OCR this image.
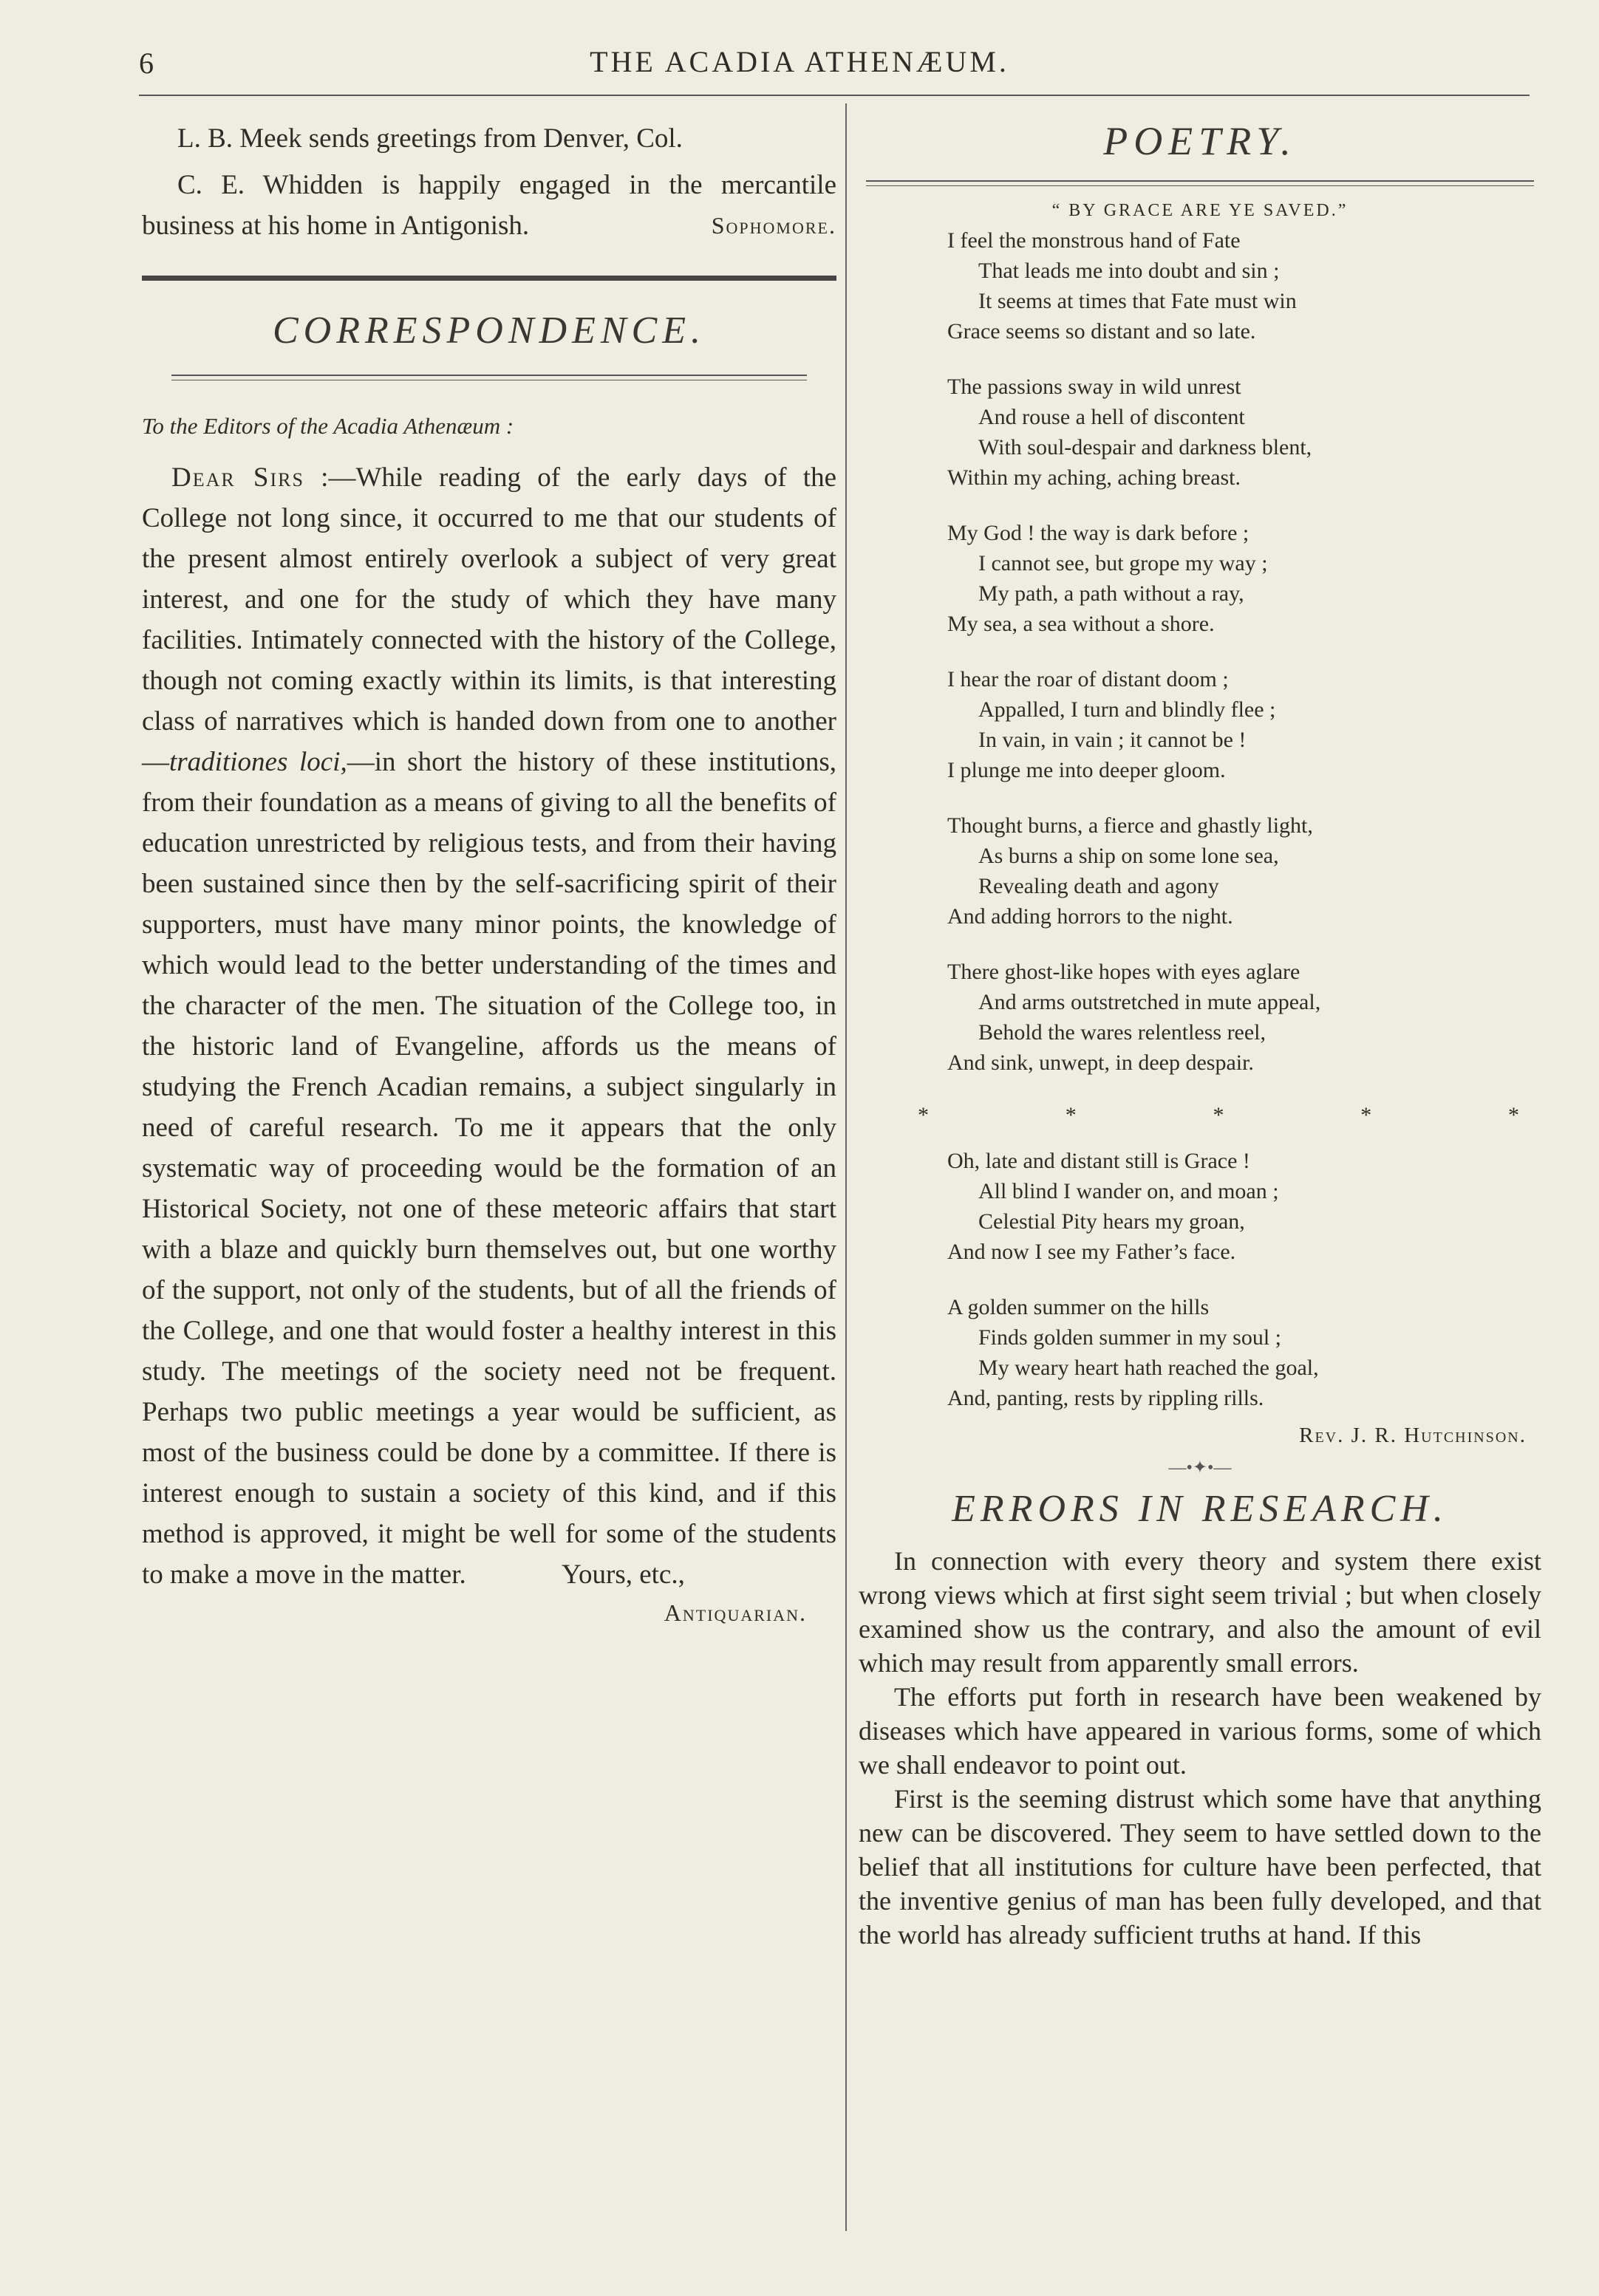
6	THE ACADIA ATHENÆUM.

L. B. Meek sends greetings from Denver, Col.

C. E. Whidden is happily engaged in the mercantile business at his home in Antigonish.	Sophomore.

CORRESPONDENCE.
To the Editors of the Acadia Athenæum :

Dear Sirs :—While reading of the early days of the College not long since, it occurred to me that our students of the present almost entirely overlook a subject of very great interest, and one for the study of which they have many facilities. Intimately connected with the history of the College, though not coming exactly within its limits, is that interesting class of narratives which is handed down from one to another—traditiones loci,—in short the history of these institutions, from their foundation as a means of giving to all the benefits of education unrestricted by religious tests, and from their having been sustained since then by the self-sacrificing spirit of their supporters, must have many minor points, the knowledge of which would lead to the better understanding of the times and the character of the men. The situation of the College too, in the historic land of Evangeline, affords us the means of studying the French Acadian remains, a subject singularly in need of careful research. To me it appears that the only systematic way of proceeding would be the formation of an Historical Society, not one of these meteoric affairs that start with a blaze and quickly burn themselves out, but one worthy of the support, not only of the students, but of all the friends of the College, and one that would foster a healthy interest in this study. The meetings of the society need not be frequent. Perhaps two public meetings a year would be sufficient, as most of the business could be done by a committee. If there is interest enough to sustain a society of this kind, and if this method is approved, it might be well for some of the students to make a move in the matter.	Yours, etc.,

Antiquarian.

POETRY.
“ BY GRACE ARE YE SAVED.”
I feel the monstrous hand of Fate
That leads me into doubt and sin ;
It seems at times that Fate must win
Grace seems so distant and so late.
The passions sway in wild unrest
And rouse a hell of discontent
With soul-despair and darkness blent,
Within my aching, aching breast.
My God ! the way is dark before ;
I cannot see, but grope my way ;
My path, a path without a ray,
My sea, a sea without a shore.
I hear the roar of distant doom ;
Appalled, I turn and blindly flee ;
In vain, in vain ; it cannot be !
I plunge me into deeper gloom.
Thought burns, a fierce and ghastly light,
As burns a ship on some lone sea,
Revealing death and agony
And adding horrors to the night.
There ghost-like hopes with eyes aglare
And arms outstretched in mute appeal,
Behold the wares relentless reel,
And sink, unwept, in deep despair.
*	*	*	*	*
Oh, late and distant still is Grace !
All blind I wander on, and moan ;
Celestial Pity hears my groan,
And now I see my Father’s face.
A golden summer on the hills
Finds golden summer in my soul ;
My weary heart hath reached the goal,
And, panting, rests by rippling rills.
Rev. J. R. Hutchinson.
—•✦•—
ERRORS IN RESEARCH.

In connection with every theory and system there exist wrong views which at first sight seem trivial ; but when closely examined show us the contrary, and also the amount of evil which may result from apparently small errors.

The efforts put forth in research have been weakened by diseases which have appeared in various forms, some of which we shall endeavor to point out.

First is the seeming distrust which some have that anything new can be discovered. They seem to have settled down to the belief that all institutions for culture have been perfected, that the inventive genius of man has been fully developed, and that the world has already sufficient truths at hand. If this
